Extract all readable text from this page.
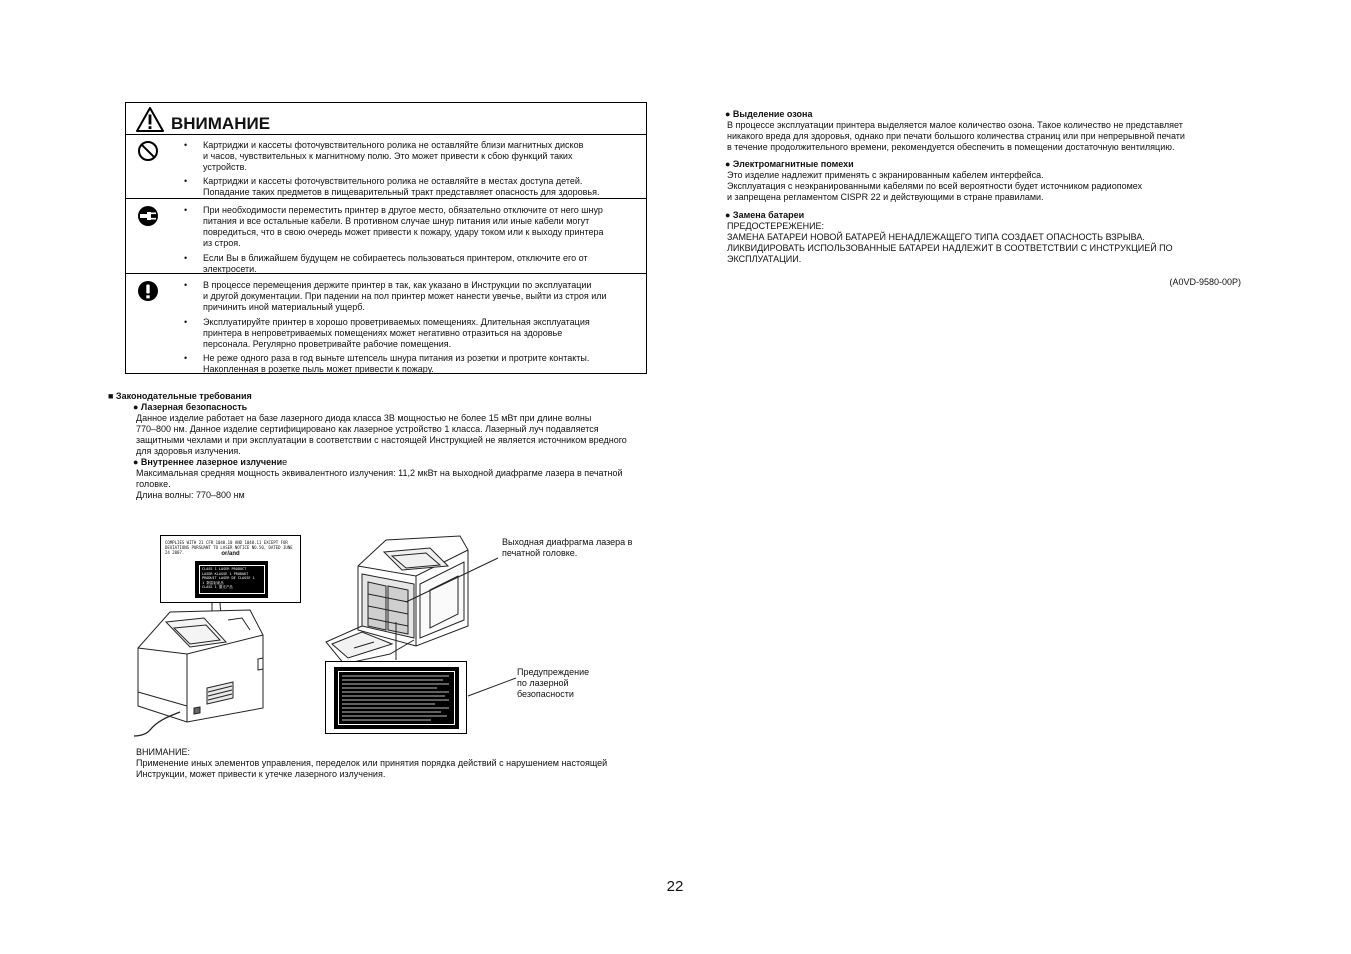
ВНИМАНИЕ
• Картриджи и кассеты фоточувствительного ролика не оставляйте близи магнитных дисков

и часов, чувствительных к магнитному полю. Это может привести к сбою функций таких

устройств.

• Картриджи и кассеты фоточувствительного ролика не оставляйте в местах доступа детей.

Попадание таких предметов в пищеварительный тракт представляет опасность для здоровья.

• При необходимости переместить принтер в другое место, обязательно отключите от него шнур

питания и все остальные кабели. В противном случае шнур питания или иные кабели могут

повредиться, что в свою очередь может привести к пожару, удару током или к выходу принтера

из строя.

• Если Вы в ближайшем будущем не собираетесь пользоваться принтером, отключите его от

электросети.

• В процессе перемещения держите принтер в так, как указано в Инструкции по эксплуатации

и другой документации. При падении на пол принтер может нанести увечье, выйти из строя или

причинить иной материальный ущерб.

• Эксплуатируйте принтер в хорошо проветриваемых помещениях. Длительная эксплуатация

принтера в непроветриваемых помещениях может негативно отразиться на здоровье

персонала. Регулярно проветривайте рабочие помещения.

• Не реже одного раза в год выньте штепсель шнура питания из розетки и протрите контакты.

Накопленная в розетке пыль может привести к пожару.

■ Законодательные требования
● Лазерная безопасность

Данное изделие работает на базе лазерного диода класса 3В мощностью не более 15 мВт при длине волны

770–800 нм. Данное изделие сертифицировано как лазерное устройство 1 класса. Лазерный луч подавляется

защитными чехлами и при эксплуатации в соответствии с настоящей Инструкцией не является источником вредного

для здоровья излучения.

● Внутреннее лазерное излучение

Максимальная средняя мощность эквивалентного излучения: 11,2 мкВт на выходной диафрагме лазера в печатной

головке.

Длина волны: 770–800 нм

COMPLIES WITH 21 CFR 1040.10 AND 1040.11 EXCEPT FOR

DEVIATIONS PURSUANT TO LASER NOTICE NO.50, DATED JUNE 24 2007.	or/and

CLASS 1 LASER PRODUCT

LASER KLASSE 1 PRODUKT

PRODUIT LASER DE CLASSE 1

1 類雷射產品

CLASS 1 激光产品

Выходная диафрагма лазера в

печатной головке.

Предупреждение

по лазерной

безопасности

ВНИМАНИЕ:

Применение иных элементов управления, переделок или принятия порядка действий с нарушением настоящей

Инструкции, может привести к утечке лазерного излучения.

● Выделение озона

В процессе эксплуатации принтера выделяется малое количество озона. Такое количество не представляет

никакого вреда для здоровья, однако при печати большого количества страниц или при непрерывной печати

в течение продолжительного времени, рекомендуется обеспечить в помещении достаточную вентиляцию.

● Электромагнитные помехи

Это изделие надлежит применять с экранированным кабелем интерфейса.

Эксплуатация с неэкранированными кабелями по всей вероятности будет источником радиопомех

и запрещена регламентом CISPR 22 и действующими в стране правилами.

● Замена батареи

ПРЕДОСТЕРЕЖЕНИЕ:

ЗАМЕНА БАТАРЕИ НОВОЙ БАТАРЕЙ НЕНАДЛЕЖАЩЕГО ТИПА СОЗДАЕТ ОПАСНОСТЬ ВЗРЫВА.

ЛИКВИДИРОВАТЬ ИСПОЛЬЗОВАННЫЕ БАТАРЕИ НАДЛЕЖИТ В СООТВЕТСТВИИ С ИНСТРУКЦИЕЙ ПО

ЭКСПЛУАТАЦИИ.

(A0VD-9580-00P)
22
